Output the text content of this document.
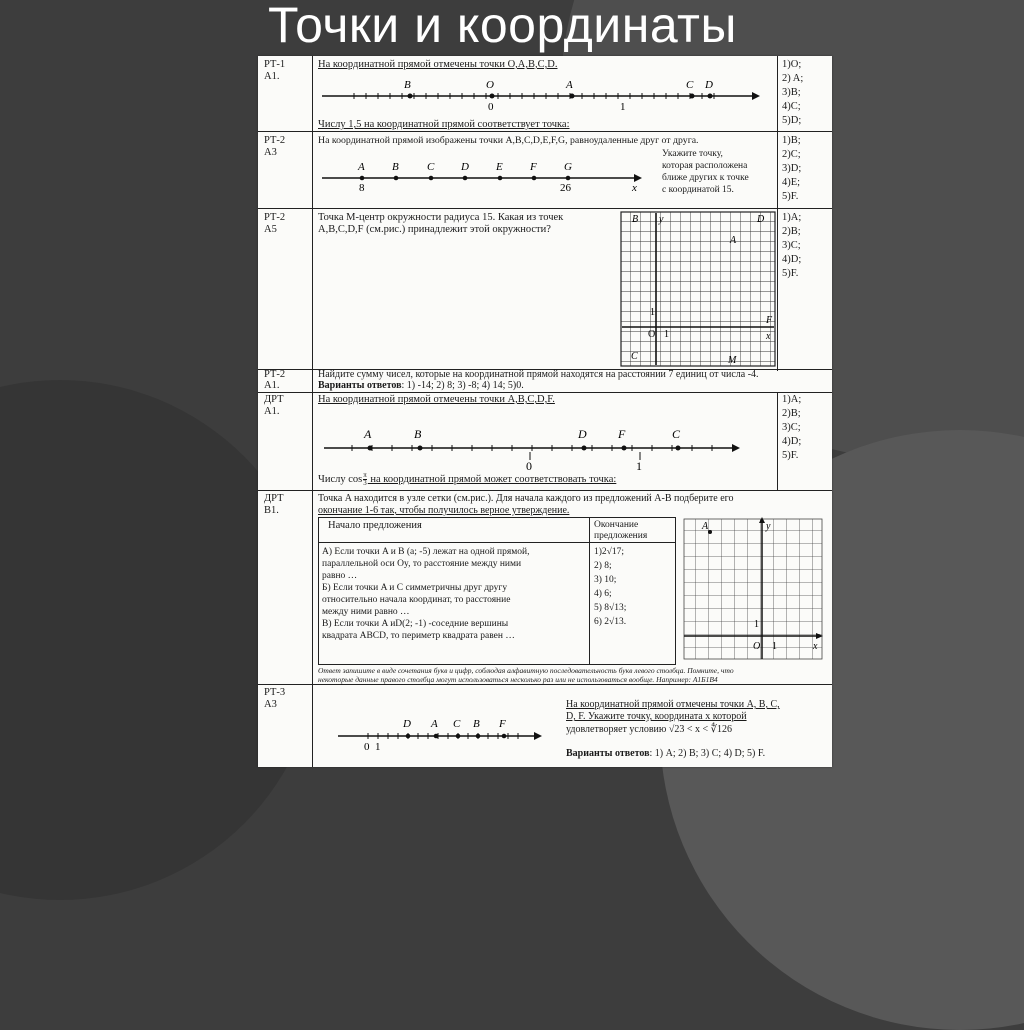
Точки и координаты
РТ-1
А1.
На координатной прямой отмечены точки O,A,B,C,D.
B	O	A	C D
0	1
Числу 1,5 на координатной прямой соответствует точка:
1)O;
2) A;
3)B;
4)C;
5)D;
РТ-2
А3
На координатной прямой изображены точки A,B,C,D,E,F,G, равноудаленные друг от друга.
A B	C D E F G
8	26	x
Укажите точку,
которая расположена
ближе других к точке
с координатой 15.
1)B;
2)C;
3)D;
4)E;
5)F.
РТ-2
А5
Точка M-центр окружности радиуса 15. Какая из точек
A,B,C,D,F (см.рис.) принадлежит этой окружности?
B y	D
A
1
O 1
F
x
C	M
1)A;
2)B;
3)C;
4)D;
5)F.
РТ-2
А1.
Найдите сумму чисел, которые на координатной прямой находятся на расстоянии 7 единиц от числа -4.
Варианты ответов: 1) -14; 2) 8; 3) -8; 4) 14; 5)0.
ДРТ
А1.
На координатной прямой отмечены точки A,B,C,D,F.
A	B	D	F	C
0	1
Числу $\cos \frac{\pi}{3}$ на координатной прямой может соответствовать точка:
1)A;
2)B;
3)C;
4)D;
5)F.
ДРТ
В1.
Точка A находится в узле сетки (см.рис.). Для начала каждого из предложений А-В подберите его
окончание 1-6 так, чтобы получилось верное утверждение.
Начало предложения	Окончание
предложения
А) Если точки A и B (a; -5) лежат на одной прямой,
параллельной оси Oy, то расстояние между ними
равно …
Б) Если точки A и C симметричны друг другу
относительно начала координат, то расстояние
между ними равно …
В) Если точки A иD(2; -1) -соседние вершины
квадрата ABCD, то периметр квадрата равен …
1)2√17;
2) 8;
3) 10;
4) 6;
5) 8√13;
6) 2√13.
A	y
1
O 1	x
Ответ запишите в виде сочетания букв и цифр, соблюдая алфавитную последовательность букв левого столбца. Помните, что
некоторые данные правого столбца могут использоваться несколько раз или не использоваться вообще. Например: А1Б1В4
РТ-3
А3
D A C B F
0 1
На координатной прямой отмечены точки A, B, C,
D, F. Укажите точку, координата x которой
удовлетворяет условию √23 < x < ∜126
Варианты ответов: 1) A; 2) B; 3) C; 4) D; 5) F.
